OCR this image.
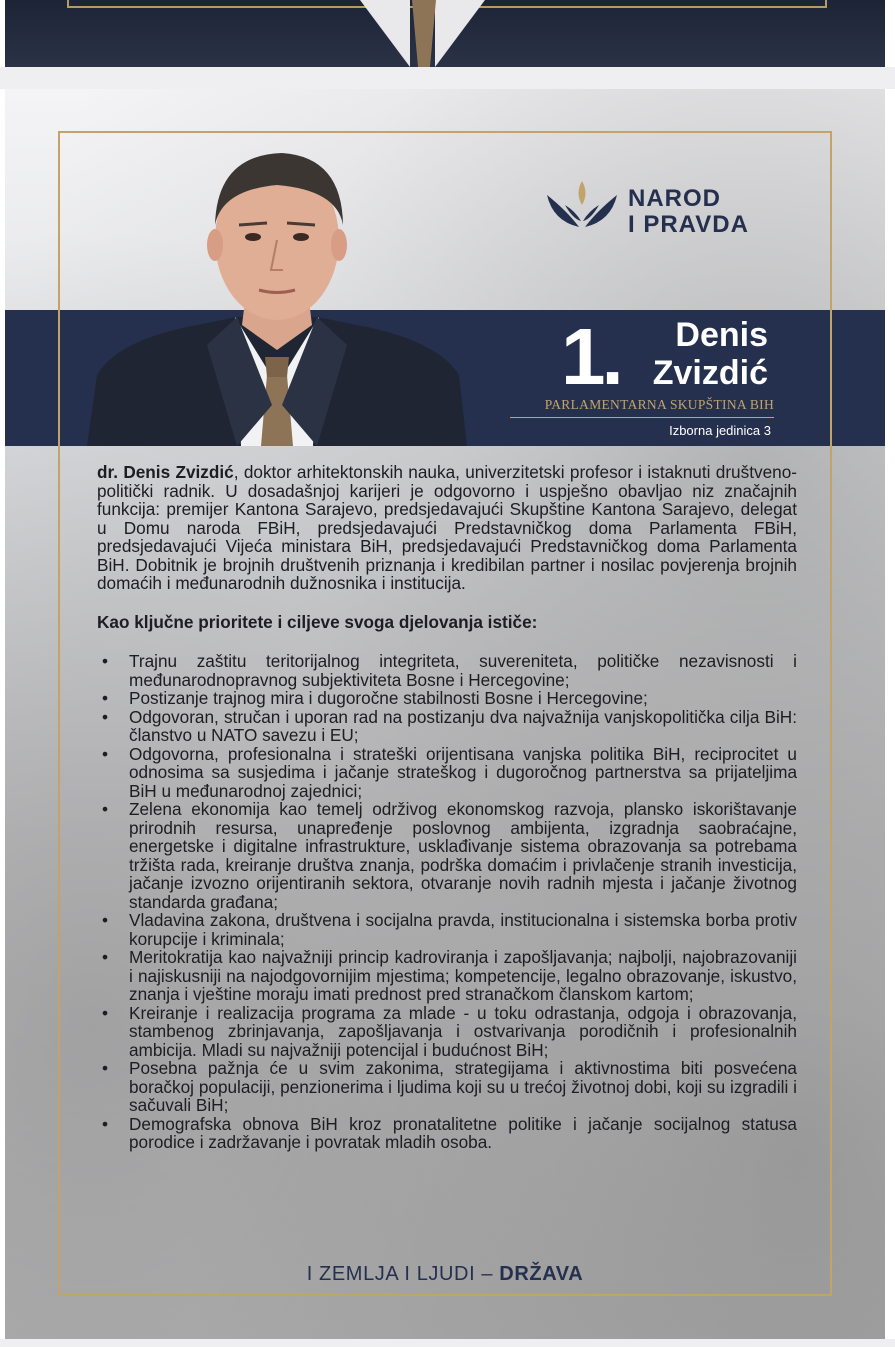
NAROD
I PRAVDA
1.	Denis
Zvizdić
PARLAMENTARNA SKUPŠTINA BIH
Izborna jedinica 3

dr. Denis Zvizdić, doktor arhitektonskih nauka, univerzitetski profesor i istaknuti društveno-politički radnik. U dosadašnjoj karijeri je odgovorno i uspješno obavljao niz značajnih funkcija: premijer Kantona Sarajevo, predsjedavajući Skupštine Kantona Sarajevo, delegat u Domu naroda FBiH, predsjedavajući Predstavničkog doma Parlamenta FBiH, predsjedavajući Vijeća ministara BiH, predsjedavajući Predstavničkog doma Parlamenta BiH. Dobitnik je brojnih društvenih priznanja i kredibilan partner i nosilac povjerenja brojnih domaćih i međunarodnih dužnosnika i institucija.

Kao ključne prioritete i ciljeve svoga djelovanja ističe:
• Trajnu zaštitu teritorijalnog integriteta, suvereniteta, političke nezavisnosti i međunarodnopravnog subjektiviteta Bosne i Hercegovine;
• Postizanje trajnog mira i dugoročne stabilnosti Bosne i Hercegovine;
• Odgovoran, stručan i uporan rad na postizanju dva najvažnija vanjskopolitička cilja BiH: članstvo u NATO savezu i EU;
• Odgovorna, profesionalna i strateški orijentisana vanjska politika BiH, reciprocitet u odnosima sa susjedima i jačanje strateškog i dugoročnog partnerstva sa prijateljima BiH u međunarodnoj zajednici;
• Zelena ekonomija kao temelj održivog ekonomskog razvoja, plansko iskorištavanje prirodnih resursa, unapređenje poslovnog ambijenta, izgradnja saobraćajne, energetske i digitalne infrastrukture, usklađivanje sistema obrazovanja sa potrebama tržišta rada, kreiranje društva znanja, podrška domaćim i privlačenje stranih investicija, jačanje izvozno orijentiranih sektora, otvaranje novih radnih mjesta i jačanje životnog standarda građana;
• Vladavina zakona, društvena i socijalna pravda, institucionalna i sistemska borba protiv korupcije i kriminala;
• Meritokratija kao najvažniji princip kadroviranja i zapošljavanja; najbolji, najobrazovaniji i najiskusniji na najodgovornijim mjestima; kompetencije, legalno obrazovanje, iskustvo, znanja i vještine moraju imati prednost pred stranačkom članskom kartom;
• Kreiranje i realizacija programa za mlade - u toku odrastanja, odgoja i obrazovanja, stambenog zbrinjavanja, zapošljavanja i ostvarivanja porodičnih i profesionalnih ambicija. Mladi su najvažniji potencijal i budućnost BiH;
• Posebna pažnja će u svim zakonima, strategijama i aktivnostima biti posvećena boračkoj populaciji, penzionerima i ljudima koji su u trećoj životnoj dobi, koji su izgradili i sačuvali BiH;
• Demografska obnova BiH kroz pronatalitetne politike i jačanje socijalnog statusa porodice i zadržavanje i povratak mladih osoba.
I ZEMLJA I LJUDI – DRŽAVA
